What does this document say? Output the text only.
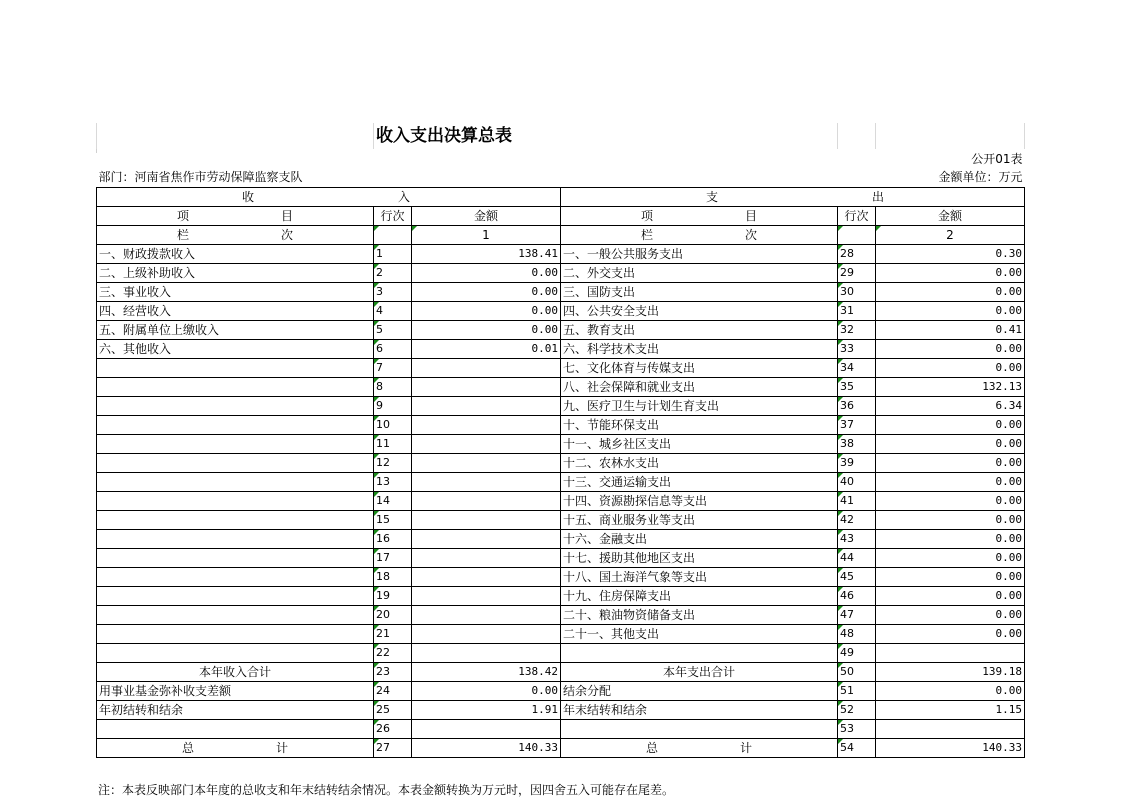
	收入支出决算总表				
					公开01表
部门：河南省焦作市劳动保障监察支队					金额单位：万元

收 入			支 出		

项 目	行次	金额	项 目	行次	金额

栏 次		1	栏 次		2
一、财政拨款收入	1	138.41	一、一般公共服务支出	28	0.30
二、上级补助收入	2	0.00	二、外交支出	29	0.00
三、事业收入	3	0.00	三、国防支出	30	0.00
四、经营收入	4	0.00	四、公共安全支出	31	0.00
五、附属单位上缴收入	5	0.00	五、教育支出	32	0.41
六、其他收入	6	0.01	六、科学技术支出	33	0.00
	7		七、文化体育与传媒支出	34	0.00
	8		八、社会保障和就业支出	35	132.13
	9		九、医疗卫生与计划生育支出	36	6.34
	10		十、节能环保支出	37	0.00
	11		十一、城乡社区支出	38	0.00
	12		十二、农林水支出	39	0.00
	13		十三、交通运输支出	40	0.00
	14		十四、资源勘探信息等支出	41	0.00
	15		十五、商业服务业等支出	42	0.00
	16		十六、金融支出	43	0.00
	17		十七、援助其他地区支出	44	0.00
	18		十八、国土海洋气象等支出	45	0.00
	19		十九、住房保障支出	46	0.00
	20		二十、粮油物资储备支出	47	0.00
	21		二十一、其他支出	48	0.00
	22			49	
本年收入合计	23	138.42	本年支出合计	50	139.18
用事业基金弥补收支差额	24	0.00	结余分配	51	0.00
年初结转和结余	25	1.91	年末结转和结余	52	1.15
	26			53	

总 计	27	140.33	总 计	54	140.33
注：本表反映部门本年度的总收支和年末结转结余情况。本表金额转换为万元时，因四舍五入可能存在尾差。
